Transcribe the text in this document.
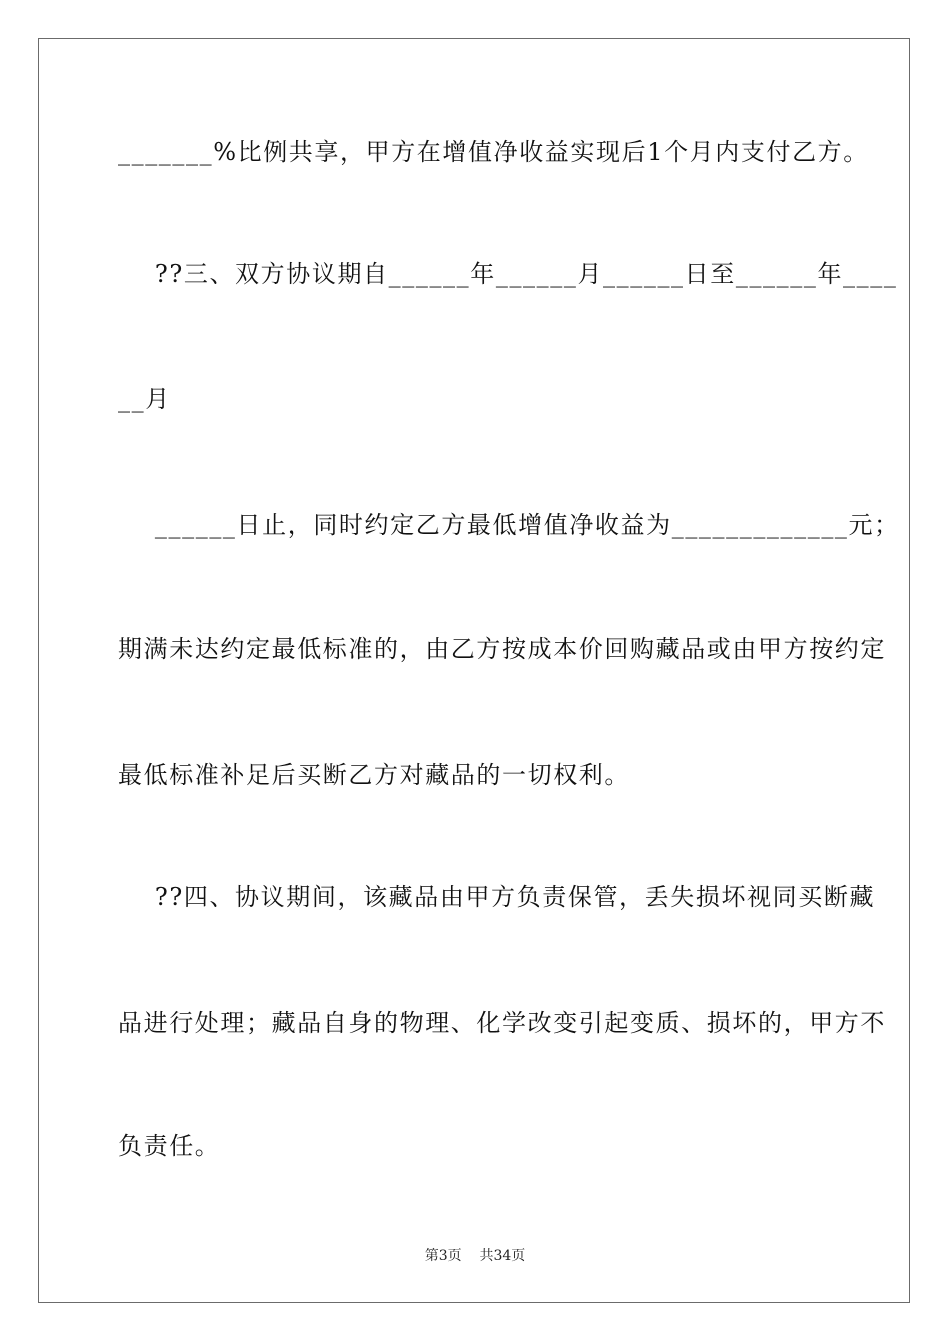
_______%比例共享，甲方在增值净收益实现后1个月内支付乙方。
??三、双方协议期自______年______月______日至______年____
__月
______日止，同时约定乙方最低增值净收益为_____________元；
期满未达约定最低标准的，由乙方按成本价回购藏品或由甲方按约定
最低标准补足后买断乙方对藏品的一切权利。
??四、协议期间，该藏品由甲方负责保管，丢失损坏视同买断藏
品进行处理；藏品自身的物理、化学改变引起变质、损坏的，甲方不
负责任。
第3页    共34页
